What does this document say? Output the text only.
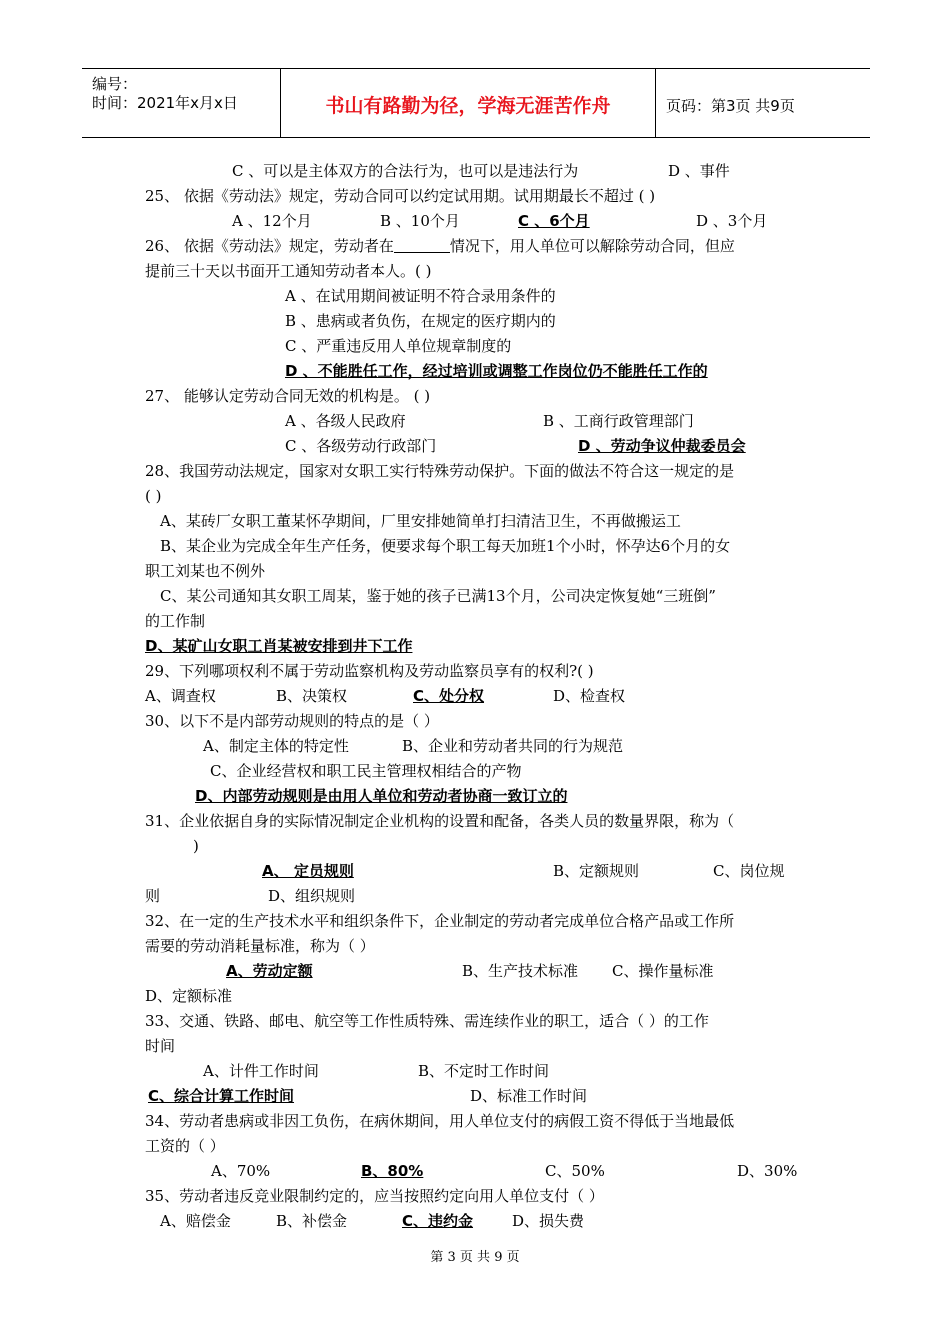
编号：
时间：2021年x月x日	书山有路勤为径，学海无涯苦作舟	页码：第3页 共9页
C 、可以是主体双方的合法行为，也可以是违法行为	D 、事件
25、 依据《劳动法》规定，劳动合同可以约定试用期。试用期最长不超过 ( )
A 、12个月	B 、10个月	C 、6个月	D 、3个月
26、 依据《劳动法》规定，劳动者在	情况下，用人单位可以解除劳动合同，但应
提前三十天以书面开工通知劳动者本人。( )
A 、在试用期间被证明不符合录用条件的
B 、患病或者负伤，在规定的医疗期内的
C 、严重违反用人单位规章制度的
D 、不能胜任工作，经过培训或调整工作岗位仍不能胜任工作的
27、 能够认定劳动合同无效的机构是。 ( )
A 、各级人民政府	B 、工商行政管理部门
C 、各级劳动行政部门	D 、劳动争议仲裁委员会
28、我国劳动法规定，国家对女职工实行特殊劳动保护。下面的做法不符合这一规定的是
( )
A、某砖厂女职工董某怀孕期间，厂里安排她简单打扫清洁卫生，不再做搬运工
B、某企业为完成全年生产任务，便要求每个职工每天加班1个小时，怀孕达6个月的女
职工刘某也不例外
C、某公司通知其女职工周某，鉴于她的孩子已满13个月，公司决定恢复她“三班倒”
的工作制
D、某矿山女职工肖某被安排到井下工作
29、下列哪项权利不属于劳动监察机构及劳动监察员享有的权利?( )
A、调查权	B、决策权	C、处分权	D、检查权
30、以下不是内部劳动规则的特点的是（ ）
A、制定主体的特定性	B、企业和劳动者共同的行为规范
C、企业经营权和职工民主管理权相结合的产物
D、内部劳动规则是由用人单位和劳动者协商一致订立的
31、企业依据自身的实际情况制定企业机构的设置和配备，各类人员的数量界限，称为（
)
A、 定员规则	B、定额规则	C、岗位规
则	D、组织规则
32、在一定的生产技术水平和组织条件下，企业制定的劳动者完成单位合格产品或工作所
需要的劳动消耗量标准，称为（ ）
A、劳动定额	B、生产技术标准 C、操作量标准
D、定额标准
33、交通、铁路、邮电、航空等工作性质特殊、需连续作业的职工，适合（ ）的工作
时间
A、计件工作时间	B、不定时工作时间
C、综合计算工作时间	D、标准工作时间
34、劳动者患病或非因工负伤，在病休期间，用人单位支付的病假工资不得低于当地最低
工资的（ ）
A、70%	B、80%	C、50%	D、30%
35、劳动者违反竞业限制约定的，应当按照约定向用人单位支付（ ）
A、赔偿金	B、补偿金	C、违约金	D、损失费
第 3 页 共 9 页
